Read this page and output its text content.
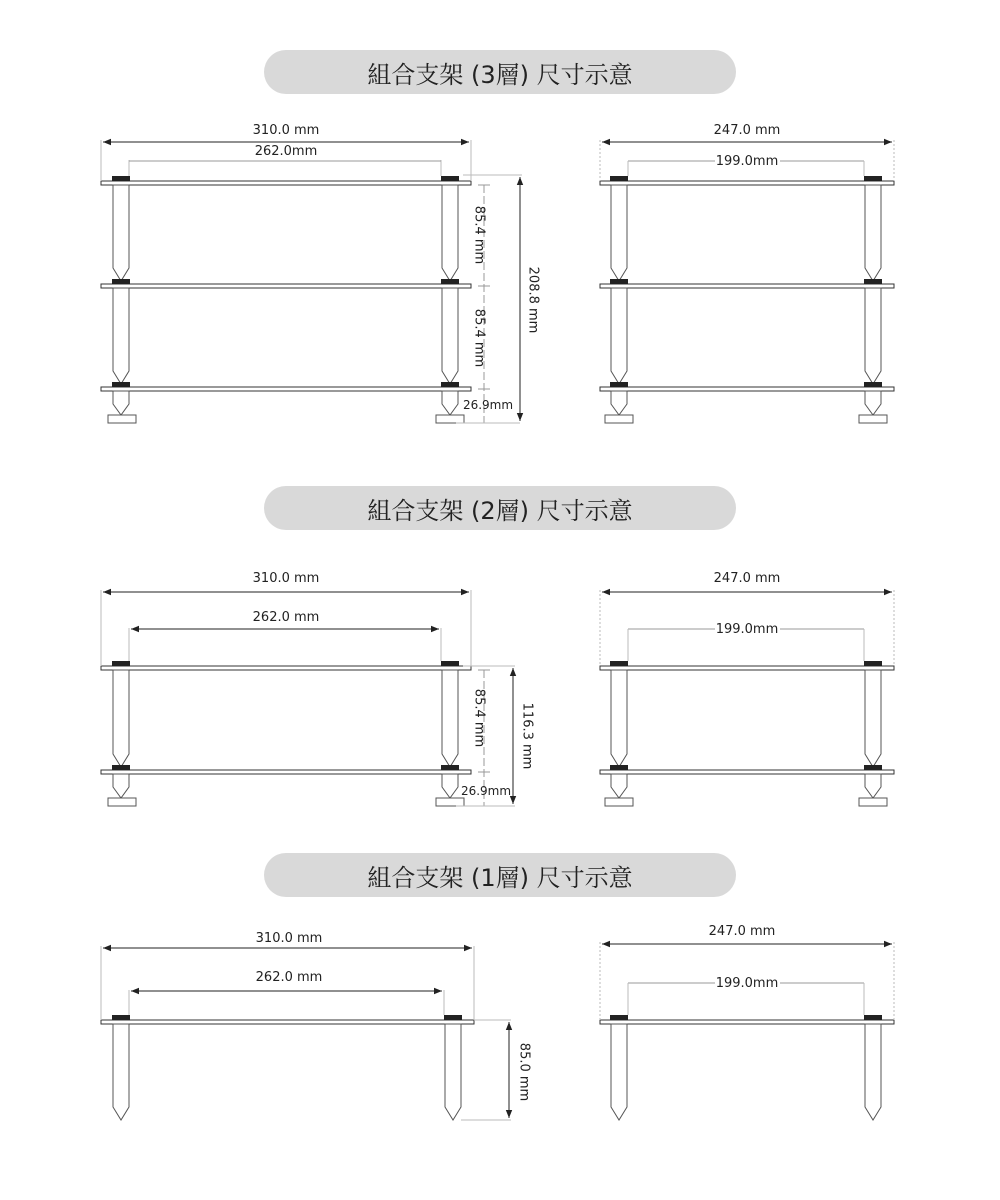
組合支架 (3層) 尺寸示意
組合支架 (2層) 尺寸示意
組合支架 (1層) 尺寸示意
310.0 mm
262.0mm
85.4 mm
85.4 mm
26.9mm
208.8 mm
247.0 mm
199.0mm
310.0 mm
262.0 mm
85.4 mm
26.9mm
116.3 mm
247.0 mm
199.0mm
310.0 mm
262.0 mm
85.0 mm
247.0 mm
199.0mm
